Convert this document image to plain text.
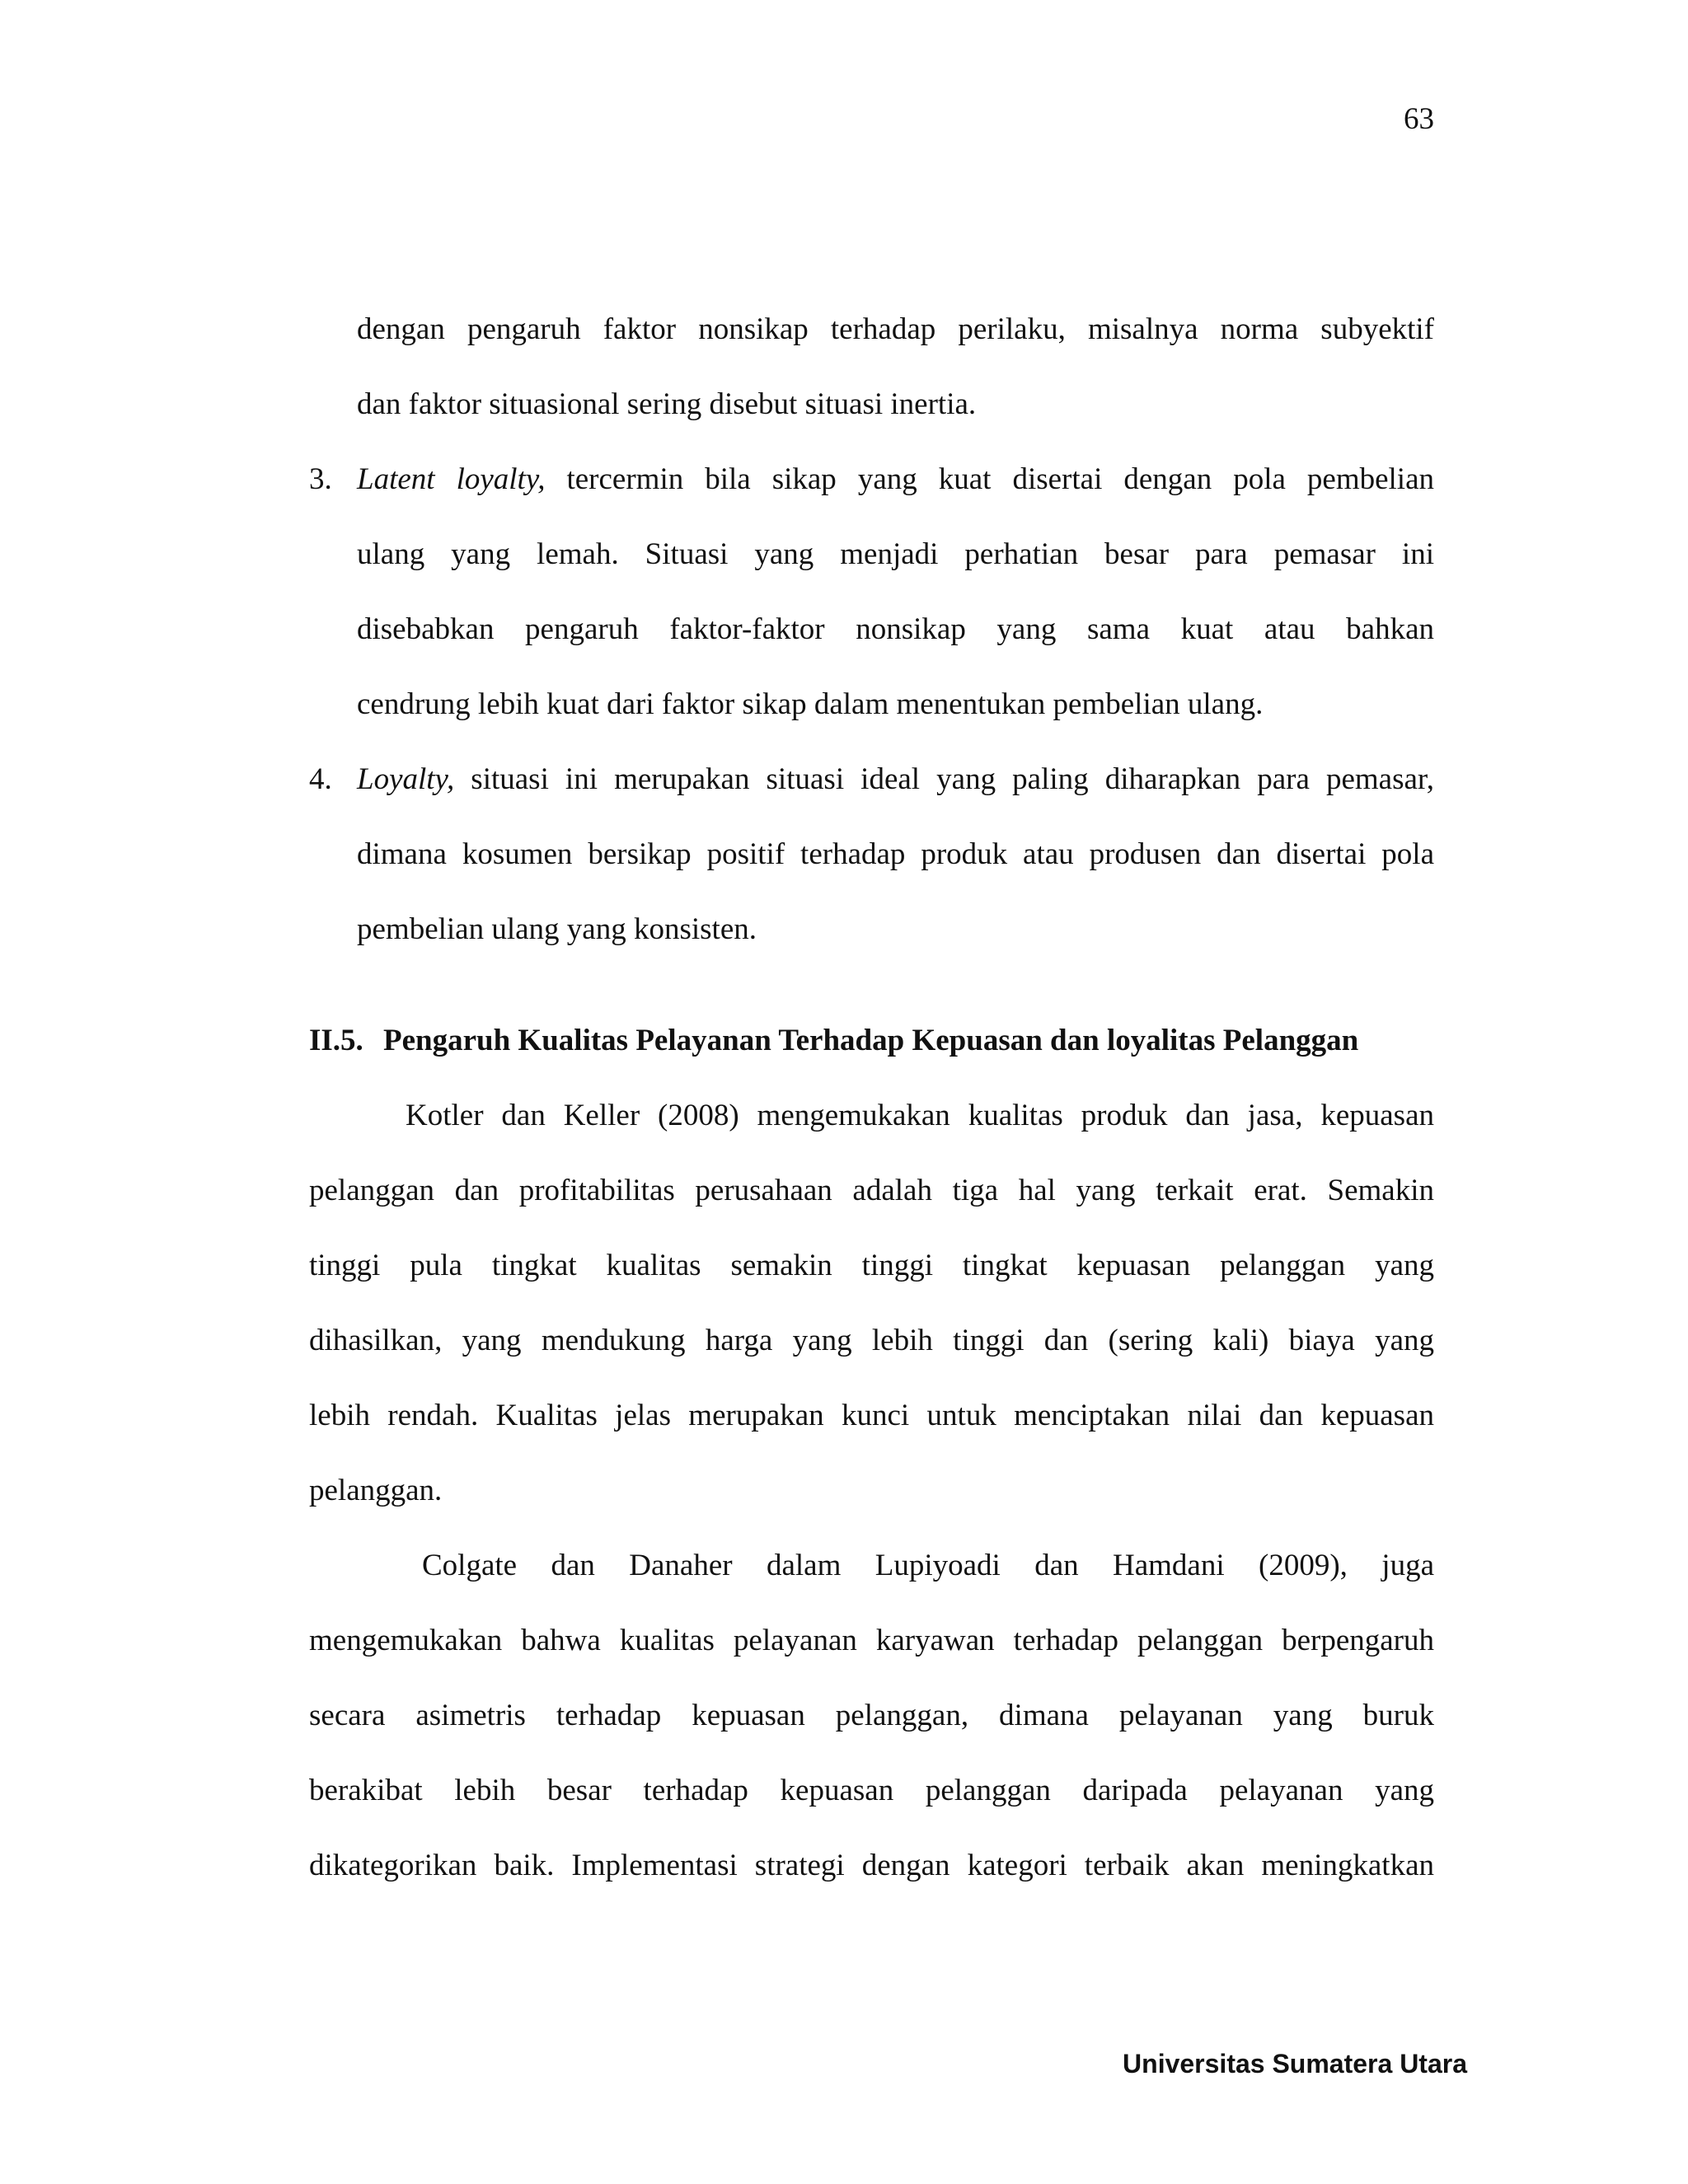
63
dengan pengaruh faktor nonsikap terhadap perilaku, misalnya norma subyektif
dan faktor situasional sering disebut situasi inertia.
3. Latent loyalty, tercermin bila sikap yang kuat disertai dengan pola pembelian
ulang yang lemah. Situasi yang menjadi perhatian besar para pemasar ini
disebabkan pengaruh faktor-faktor nonsikap yang sama kuat atau bahkan
cendrung lebih kuat dari faktor sikap dalam menentukan pembelian ulang.
4. Loyalty, situasi ini merupakan situasi ideal yang paling diharapkan para pemasar,
dimana kosumen bersikap positif terhadap produk atau produsen dan disertai pola
pembelian ulang yang konsisten.
II.5. Pengaruh Kualitas Pelayanan Terhadap Kepuasan dan loyalitas Pelanggan
Kotler dan Keller (2008) mengemukakan kualitas produk dan jasa, kepuasan
pelanggan dan profitabilitas perusahaan adalah tiga hal yang terkait erat. Semakin
tinggi pula tingkat kualitas semakin tinggi tingkat kepuasan pelanggan yang
dihasilkan, yang mendukung harga yang lebih tinggi dan (sering kali) biaya yang
lebih rendah. Kualitas jelas merupakan kunci untuk menciptakan nilai dan kepuasan
pelanggan.
Colgate dan Danaher dalam Lupiyoadi dan Hamdani (2009), juga
mengemukakan bahwa kualitas pelayanan karyawan terhadap pelanggan berpengaruh
secara asimetris terhadap kepuasan pelanggan, dimana pelayanan yang buruk
berakibat lebih besar terhadap kepuasan pelanggan daripada pelayanan yang
dikategorikan baik. Implementasi strategi dengan kategori terbaik akan meningkatkan
Universitas Sumatera Utara
